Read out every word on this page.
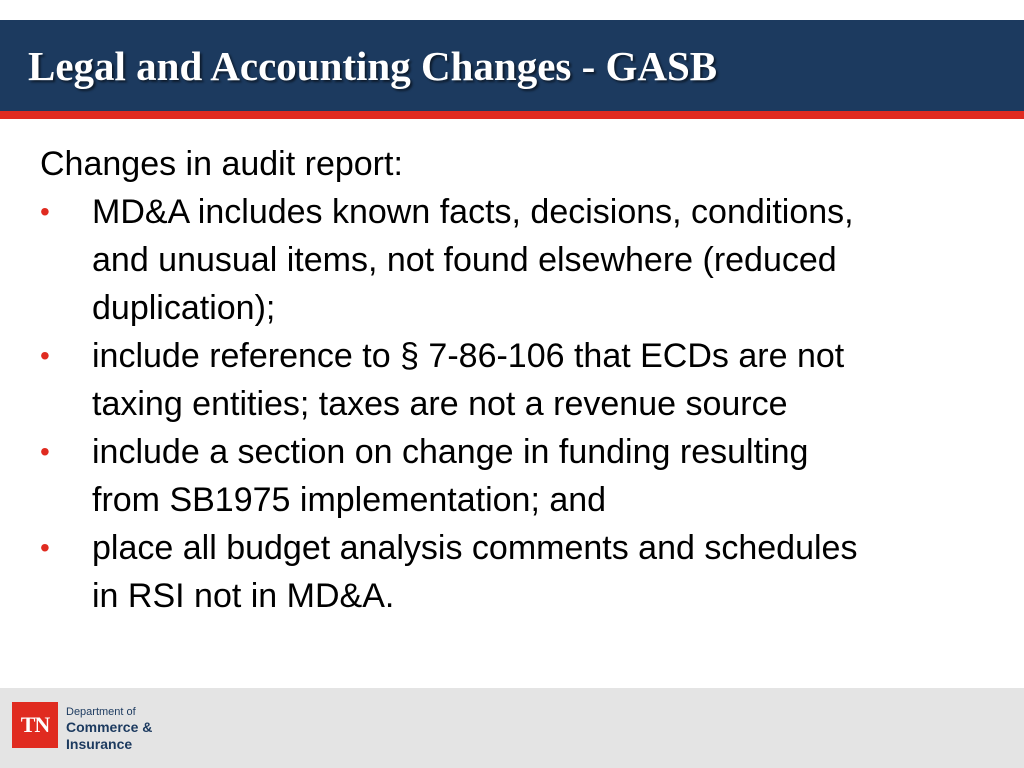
Legal and Accounting Changes - GASB
Changes in audit report:
• MD&A includes known facts, decisions, conditions,
and unusual items, not found elsewhere (reduced
duplication);
• include reference to § 7-86-106 that ECDs are not
taxing entities; taxes are not a revenue source
• include a section on change in funding resulting
from SB1975 implementation; and
• place all budget analysis comments and schedules
in RSI not in MD&A.
TN	Department of
Commerce &
Insurance
